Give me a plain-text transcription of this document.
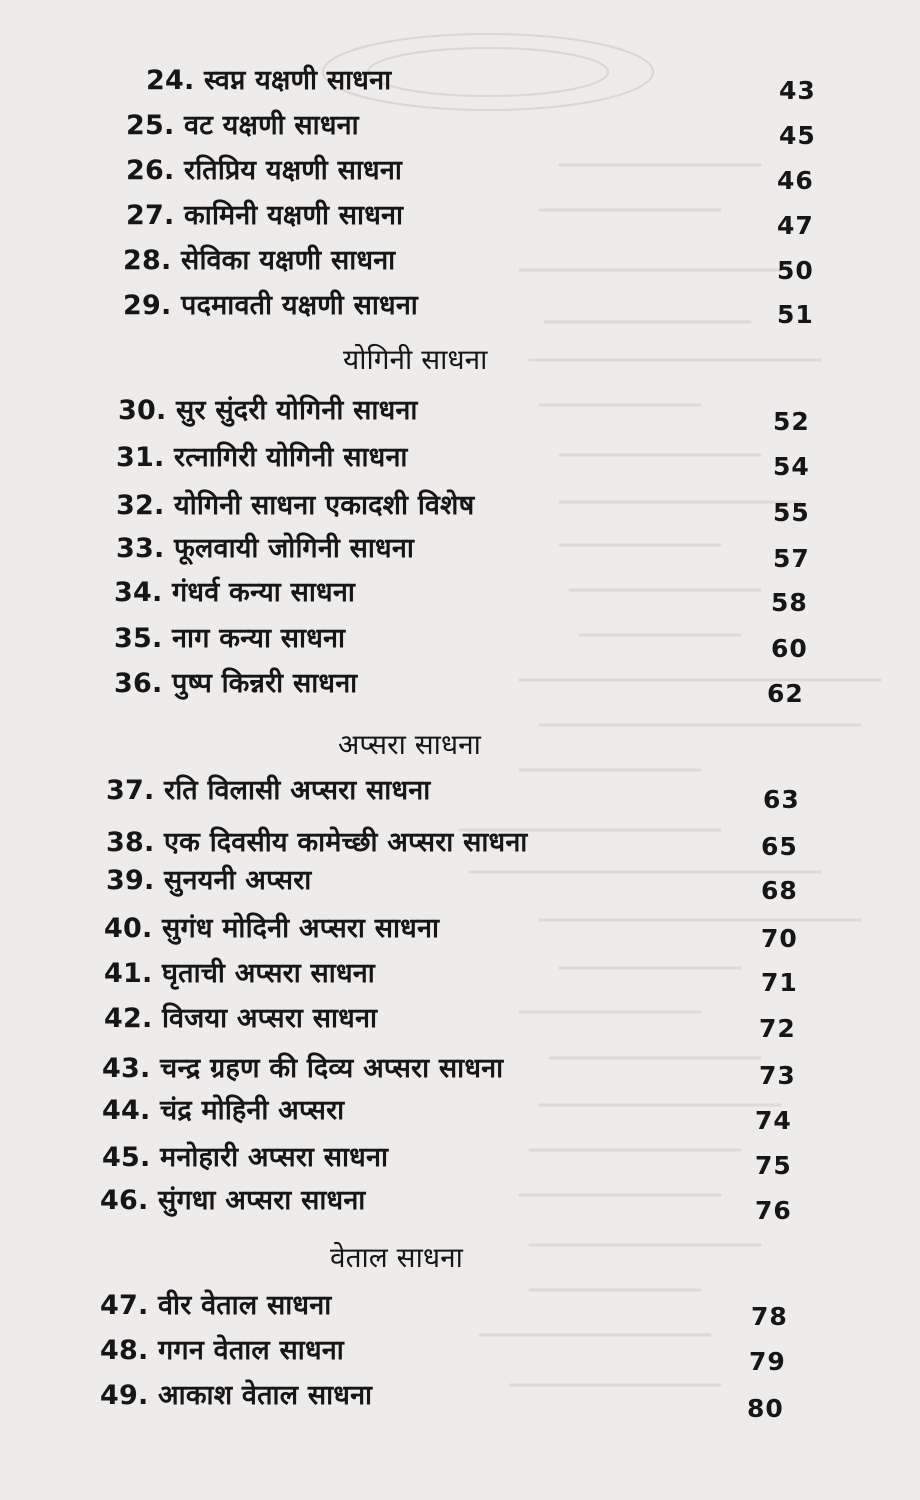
24. स्वप्न यक्षणी साधना	43
25. वट यक्षणी साधना	45
26. रतिप्रिय यक्षणी साधना	46
27. कामिनी यक्षणी साधना	47
28. सेविका यक्षणी साधना	50
29. पदमावती यक्षणी साधना	51
योगिनी साधना
30. सुर सुंदरी योगिनी साधना	52
31. रत्नागिरी योगिनी साधना	54
32. योगिनी साधना एकादशी विशेष	55
33. फूलवायी जोगिनी साधना	57
34. गंधर्व कन्या साधना	58
35. नाग कन्या साधना	60
36. पुष्प किन्नरी साधना	62
अप्सरा साधना
37. रति विलासी अप्सरा साधना	63
38. एक दिवसीय कामेच्छी अप्सरा साधना	65
39. सुनयनी अप्सरा	68
40. सुगंध मोदिनी अप्सरा साधना	70
41. घृताची अप्सरा साधना	71
42. विजया अप्सरा साधना	72
43. चन्द्र ग्रहण की दिव्य अप्सरा साधना	73
44. चंद्र मोहिनी अप्सरा	74
45. मनोहारी अप्सरा साधना	75
46. सुंगधा अप्सरा साधना	76
वेताल साधना
47. वीर वेताल साधना	78
48. गगन वेताल साधना	79
49. आकाश वेताल साधना	80
